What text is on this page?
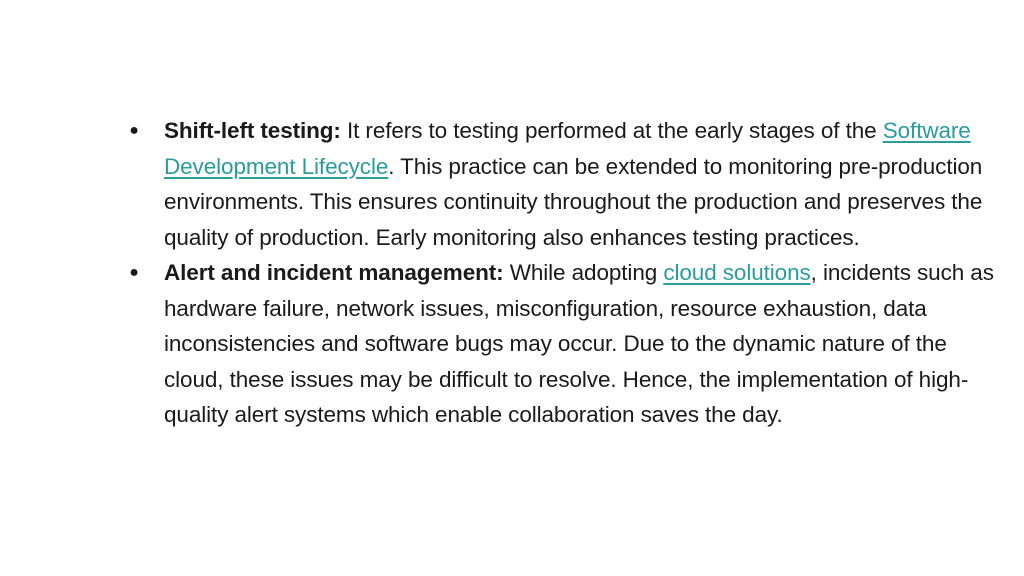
● Shift-left testing: It refers to testing performed at the early stages of the Software Development Lifecycle. This practice can be extended to monitoring pre-production environments. This ensures continuity throughout the production and preserves the quality of production. Early monitoring also enhances testing practices.
● Alert and incident management: While adopting cloud solutions, incidents such as hardware failure, network issues, misconfiguration, resource exhaustion, data inconsistencies and software bugs may occur. Due to the dynamic nature of the cloud, these issues may be difficult to resolve. Hence, the implementation of high-quality alert systems which enable collaboration saves the day.
